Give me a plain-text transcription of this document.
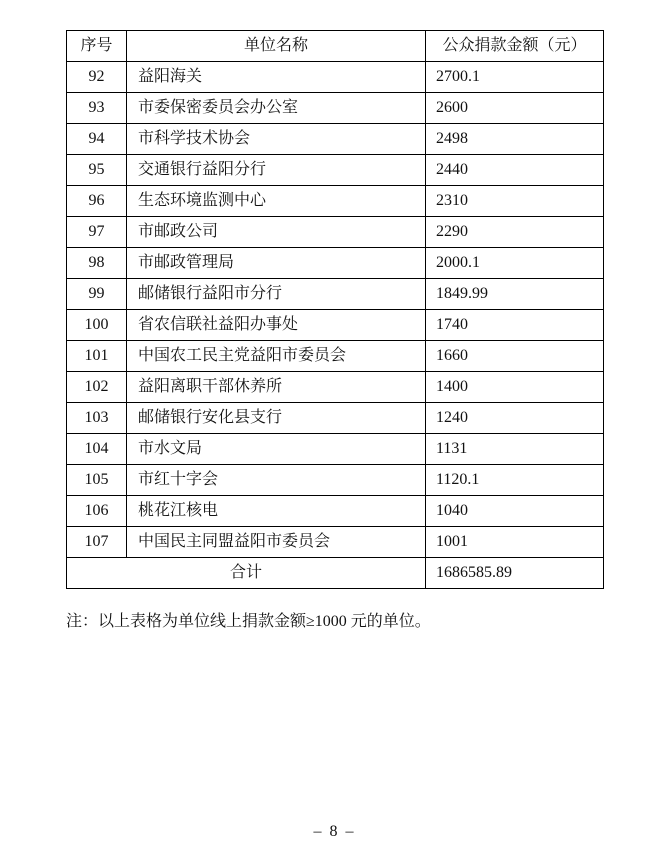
序号	单位名称	公众捐款金额（元）
92	益阳海关	2700.1
93	市委保密委员会办公室	2600
94	市科学技术协会	2498
95	交通银行益阳分行	2440
96	生态环境监测中心	2310
97	市邮政公司	2290
98	市邮政管理局	2000.1
99	邮储银行益阳市分行	1849.99
100	省农信联社益阳办事处	1740
101	中国农工民主党益阳市委员会	1660
102	益阳离职干部休养所	1400
103	邮储银行安化县支行	1240
104	市水文局	1131
105	市红十字会	1120.1
106	桃花江核电	1040
107	中国民主同盟益阳市委员会	1001
合计		1686585.89
注：以上表格为单位线上捐款金额≥1000 元的单位。
– 8 –
